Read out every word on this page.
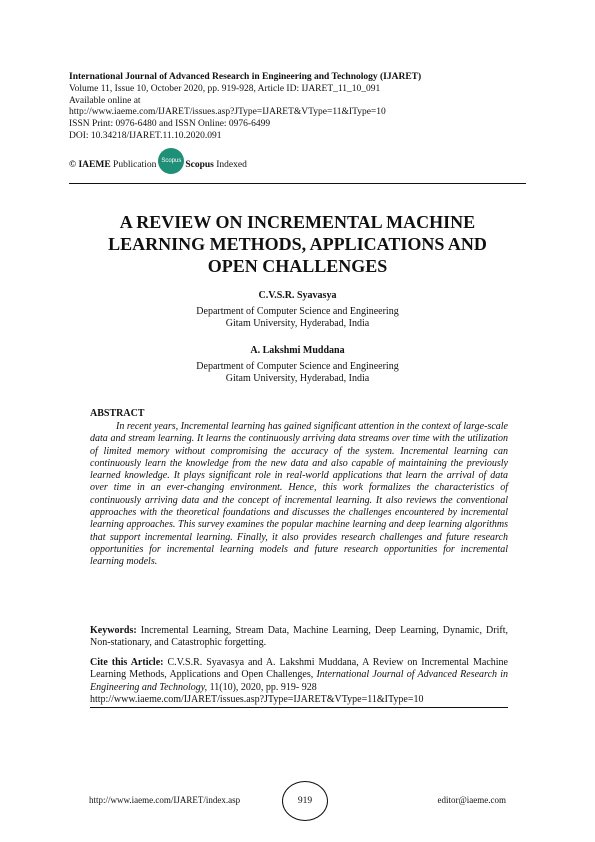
International Journal of Advanced Research in Engineering and Technology (IJARET)
Volume 11, Issue 10, October 2020, pp. 919-928, Article ID: IJARET_11_10_091
Available online at
http://www.iaeme.com/IJARET/issues.asp?JType=IJARET&VType=11&IType=10
ISSN Print: 0976-6480 and ISSN Online: 0976-6499
DOI: 10.34218/IJARET.11.10.2020.091
© IAEME
Publication Scopus Scopus
Indexed
A REVIEW ON INCREMENTAL MACHINE
LEARNING METHODS, APPLICATIONS AND
OPEN CHALLENGES
C.V.S.R. Syavasya
Department of Computer Science and Engineering
Gitam University, Hyderabad, India
A. Lakshmi Muddana
Department of Computer Science and Engineering
Gitam University, Hyderabad, India
ABSTRACT

In recent years, Incremental learning has gained significant attention in the context of large-scale data and stream learning. It learns the continuously arriving data streams over time with the utilization of limited memory without compromising the accuracy of the system. Incremental learning can continuously learn the knowledge from the new data and also capable of maintaining the previously learned knowledge. It plays significant role in real-world applications that learn the arrival of data over time in an ever-changing environment. Hence, this work formalizes the characteristics of continuously arriving data and the concept of incremental learning. It also reviews the conventional approaches with the theoretical foundations and discusses the challenges encountered by incremental learning approaches. This survey examines the popular machine learning and deep learning algorithms that support incremental learning. Finally, it also provides research challenges and future research opportunities for incremental learning models and future research opportunities for incremental learning models.

Keywords: Incremental Learning, Stream Data, Machine Learning, Deep Learning, Dynamic, Drift, Non-stationary, and Catastrophic forgetting.

Cite this Article: C.V.S.R. Syavasya and A. Lakshmi Muddana, A Review on Incremental Machine Learning Methods, Applications and Open Challenges, International Journal of Advanced Research in Engineering and Technology, 11(10), 2020, pp. 919- 928
http://www.iaeme.com/IJARET/issues.asp?JType=IJARET&VType=11&IType=10

http://www.iaeme.com/IJARET/index.asp	919	editor@iaeme.com
